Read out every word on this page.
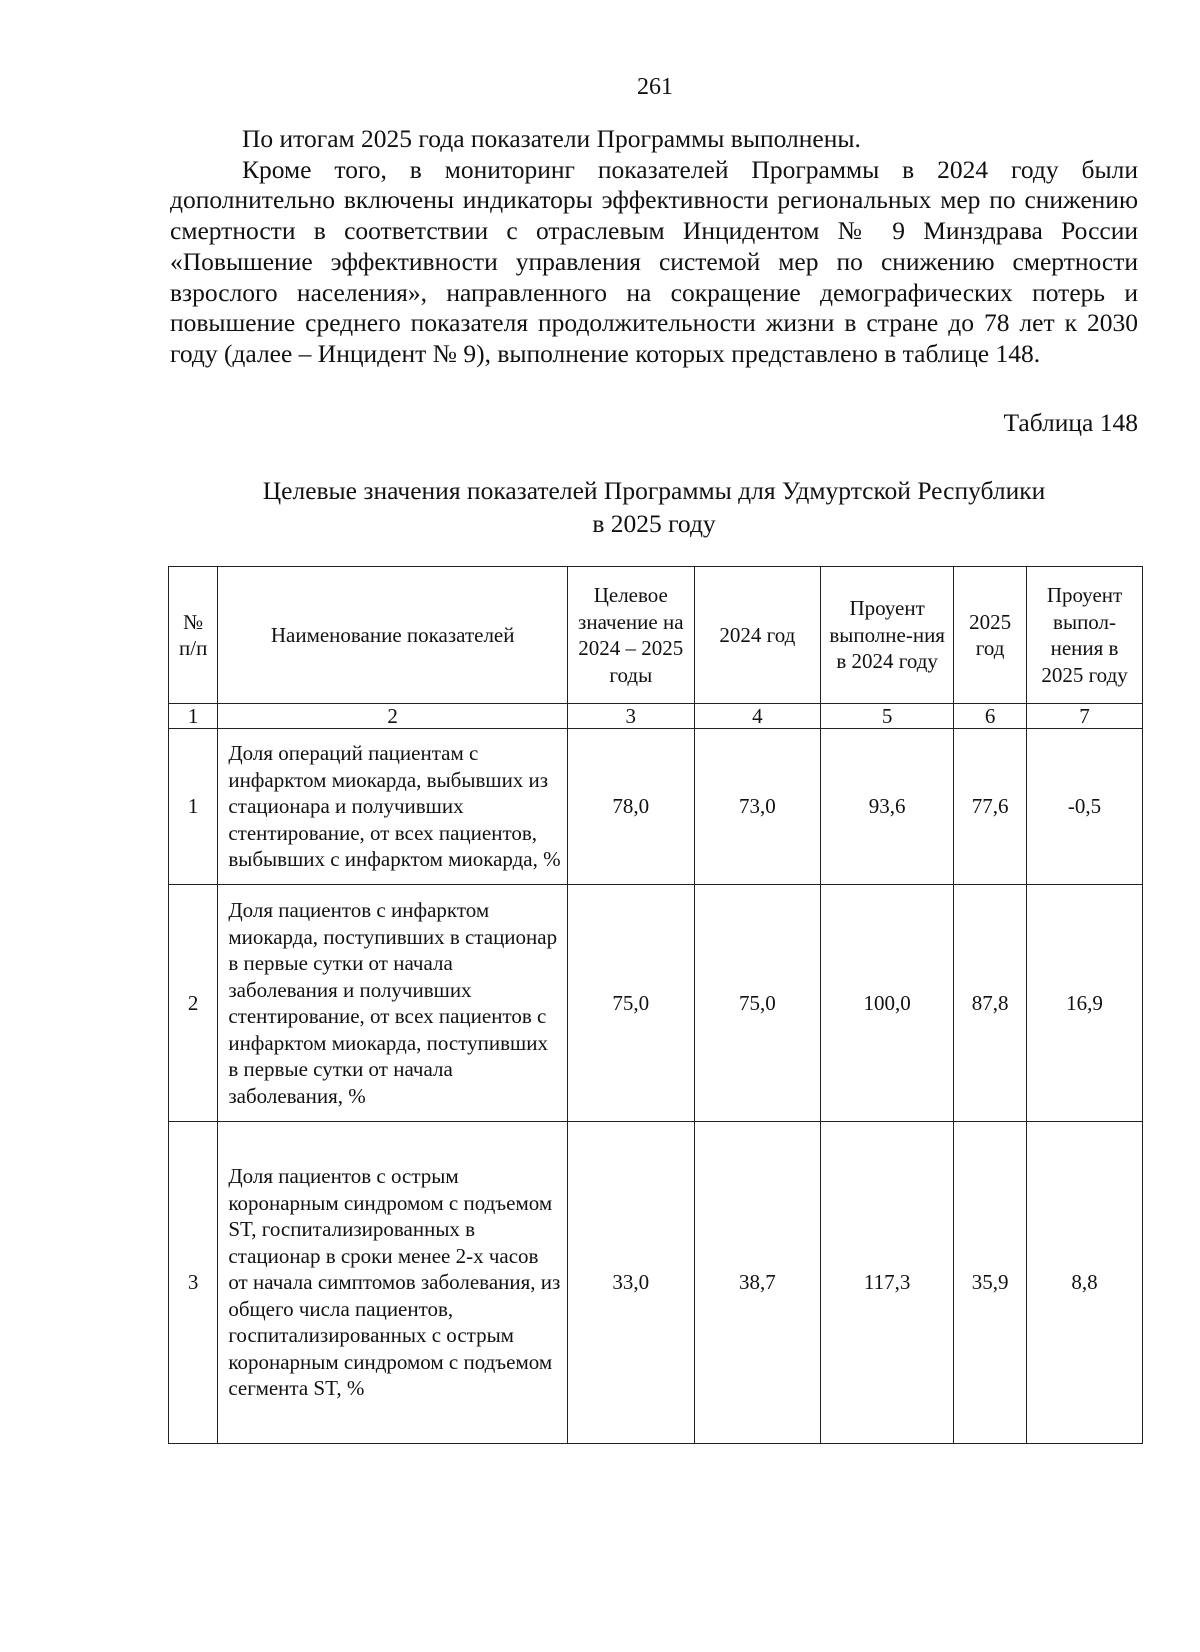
261

По итогам 2025 года показатели Программы выполнены.

Кроме того, в мониторинг показателей Программы в 2024 году были дополнительно включены индикаторы эффективности региональных мер по снижению смертности в соответствии с отраслевым Инцидентом № 9 Минздрава России «Повышение эффективности управления системой мер по снижению смертности взрослого населения», направленного на сокращение демографических потерь и повышение среднего показателя продолжительности жизни в стране до 78 лет к 2030 году (далее – Инцидент № 9), выполнение которых представлено в таблице 148.

Таблица 148
Целевые значения показателей Программы для Удмуртской Республики
в 2025 году
№ п/п	Наименование показателей	Целевое значение на 2024 – 2025 годы	2024 год	Проуент выполне-ния в 2024 году	2025 год	Проуент выпол-нения в 2025 году
1	2	3	4	5	6	7
1	Доля операций пациентам с инфарктом миокарда, выбывших из стационара и получивших стентирование, от всех пациентов, выбывших с инфарктом миокарда, %	78,0	73,0	93,6	77,6	-0,5
2	Доля пациентов с инфарктом миокарда, поступивших в стационар в первые сутки от начала заболевания и получивших стентирование, от всех пациентов с инфарктом миокарда, поступивших в первые сутки от начала заболевания, %	75,0	75,0	100,0	87,8	16,9
3	Доля пациентов с острым коронарным синдромом с подъемом ST, госпитализированных в стационар в сроки менее 2-х часов от начала симптомов заболевания, из общего числа пациентов, госпитализированных с острым коронарным синдромом с подъемом сегмента ST, %	33,0	38,7	117,3	35,9	8,8
